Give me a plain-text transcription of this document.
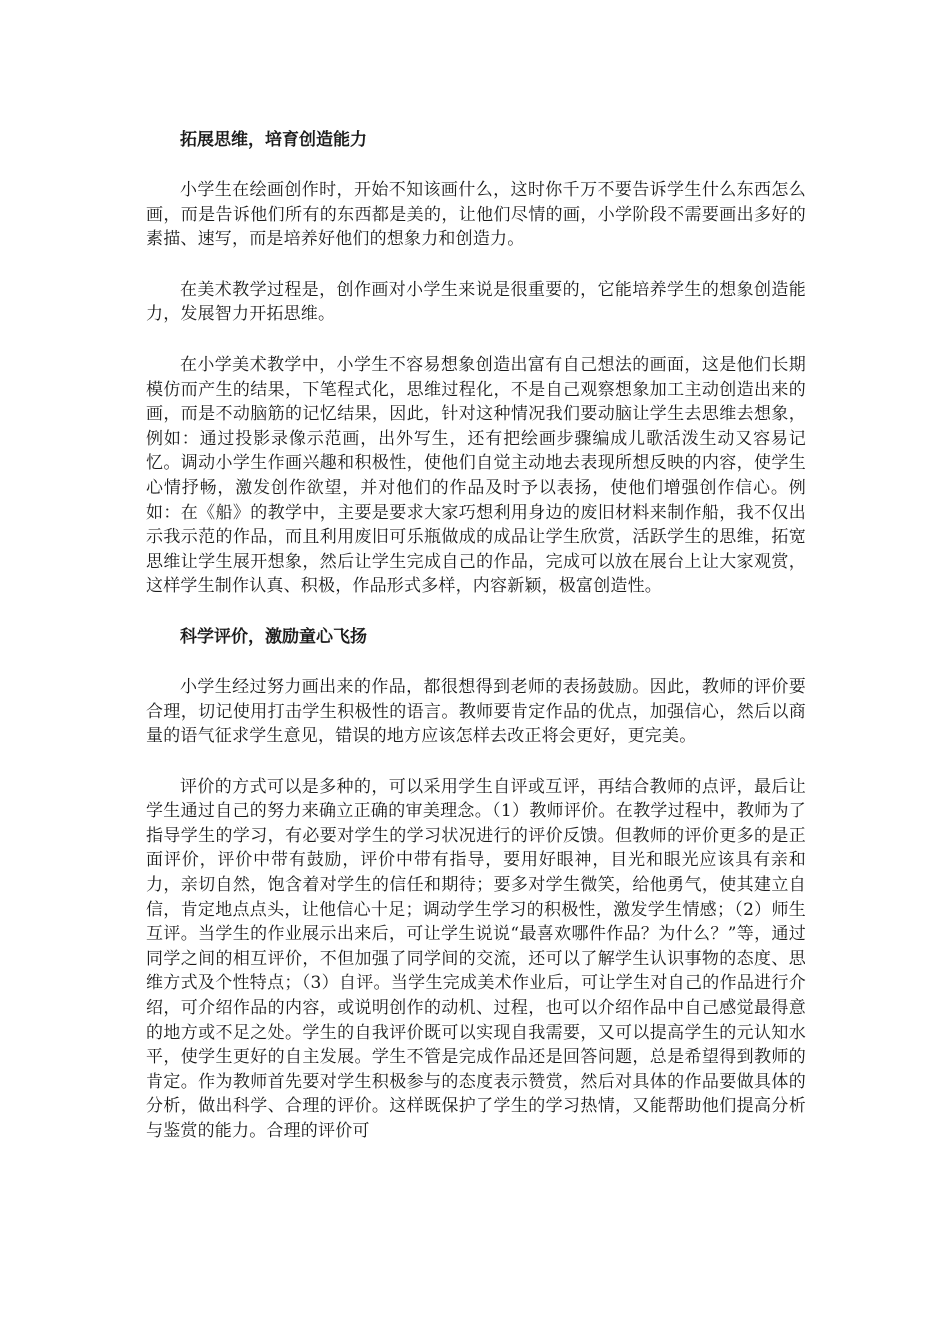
拓展思维，培育创造能力

小学生在绘画创作时，开始不知该画什么，这时你千万不要告诉学生什么东西怎么画，而是告诉他们所有的东西都是美的，让他们尽情的画，小学阶段不需要画出多好的素描、速写，而是培养好他们的想象力和创造力。

在美术教学过程是，创作画对小学生来说是很重要的，它能培养学生的想象创造能力，发展智力开拓思维。

在小学美术教学中，小学生不容易想象创造出富有自己想法的画面，这是他们长期模仿而产生的结果，下笔程式化，思维过程化，不是自己观察想象加工主动创造出来的画，而是不动脑筋的记忆结果，因此，针对这种情况我们要动脑让学生去思维去想象，例如：通过投影录像示范画，出外写生，还有把绘画步骤编成儿歌活泼生动又容易记忆。调动小学生作画兴趣和积极性，使他们自觉主动地去表现所想反映的内容，使学生心情抒畅，激发创作欲望，并对他们的作品及时予以表扬，使他们增强创作信心。例如：在《船》的教学中，主要是要求大家巧想利用身边的废旧材料来制作船，我不仅出示我示范的作品，而且利用废旧可乐瓶做成的成品让学生欣赏，活跃学生的思维，拓宽思维让学生展开想象，然后让学生完成自己的作品，完成可以放在展台上让大家观赏，这样学生制作认真、积极，作品形式多样，内容新颖，极富创造性。

科学评价，激励童心飞扬

小学生经过努力画出来的作品，都很想得到老师的表扬鼓励。因此，教师的评价要合理，切记使用打击学生积极性的语言。教师要肯定作品的优点，加强信心，然后以商量的语气征求学生意见，错误的地方应该怎样去改正将会更好，更完美。

评价的方式可以是多种的，可以采用学生自评或互评，再结合教师的点评，最后让学生通过自己的努力来确立正确的审美理念。（1）教师评价。在教学过程中，教师为了指导学生的学习，有必要对学生的学习状况进行的评价反馈。但教师的评价更多的是正面评价，评价中带有鼓励，评价中带有指导，要用好眼神，目光和眼光应该具有亲和力，亲切自然，饱含着对学生的信任和期待；要多对学生微笑，给他勇气，使其建立自信，肯定地点点头，让他信心十足；调动学生学习的积极性，激发学生情感；（2）师生互评。当学生的作业展示出来后，可让学生说说“最喜欢哪件作品？为什么？”等，通过同学之间的相互评价，不但加强了同学间的交流，还可以了解学生认识事物的态度、思维方式及个性特点；（3）自评。当学生完成美术作业后，可让学生对自己的作品进行介绍，可介绍作品的内容，或说明创作的动机、过程，也可以介绍作品中自己感觉最得意的地方或不足之处。学生的自我评价既可以实现自我需要，又可以提高学生的元认知水平，使学生更好的自主发展。学生不管是完成作品还是回答问题，总是希望得到教师的肯定。作为教师首先要对学生积极参与的态度表示赞赏，然后对具体的作品要做具体的分析，做出科学、合理的评价。这样既保护了学生的学习热情，又能帮助他们提高分析与鉴赏的能力。合理的评价可
